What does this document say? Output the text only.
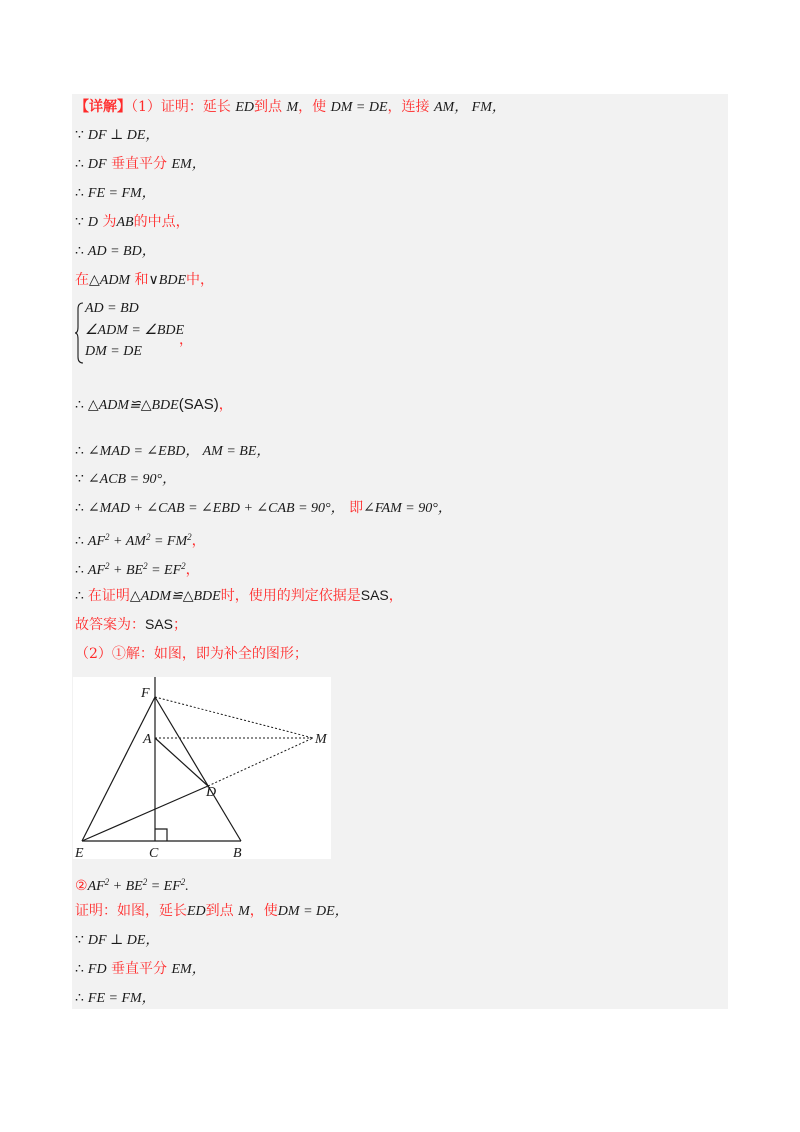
【详解】（1）证明：延长 ED到点 M，使 DM = DE，连接 AM， FM，
∵ DF ⊥ DE，
∴ DF 垂直平分 EM，
∴ FE = FM，
∵ D 为AB的中点，
∴ AD = BD，
在△ADM 和∨BDE中，
AD = BD
∠ADM = ∠BDE
DM = DE
，
∴ △ADM≌△BDE(SAS)，
∴ ∠MAD = ∠EBD， AM = BE，
∵ ∠ACB = 90°，
∴ ∠MAD + ∠CAB = ∠EBD + ∠CAB = 90°， 即∠FAM = 90°，
∴ $AF^2 + AM^2 = FM^2$，
∴ $AF^2 + BE^2 = EF^2$，
∴ 在证明△ADM≌△BDE时，使用的判定依据是SAS，
故答案为：SAS；
（2）①解：如图，即为补全的图形；
F
A	M
D
E	C	B
$②AF^2 + BE^2 = EF^2$.
证明：如图，延长ED到点 M，使DM = DE，
∵ DF ⊥ DE，
∴ FD 垂直平分 EM，
∴ FE = FM，
